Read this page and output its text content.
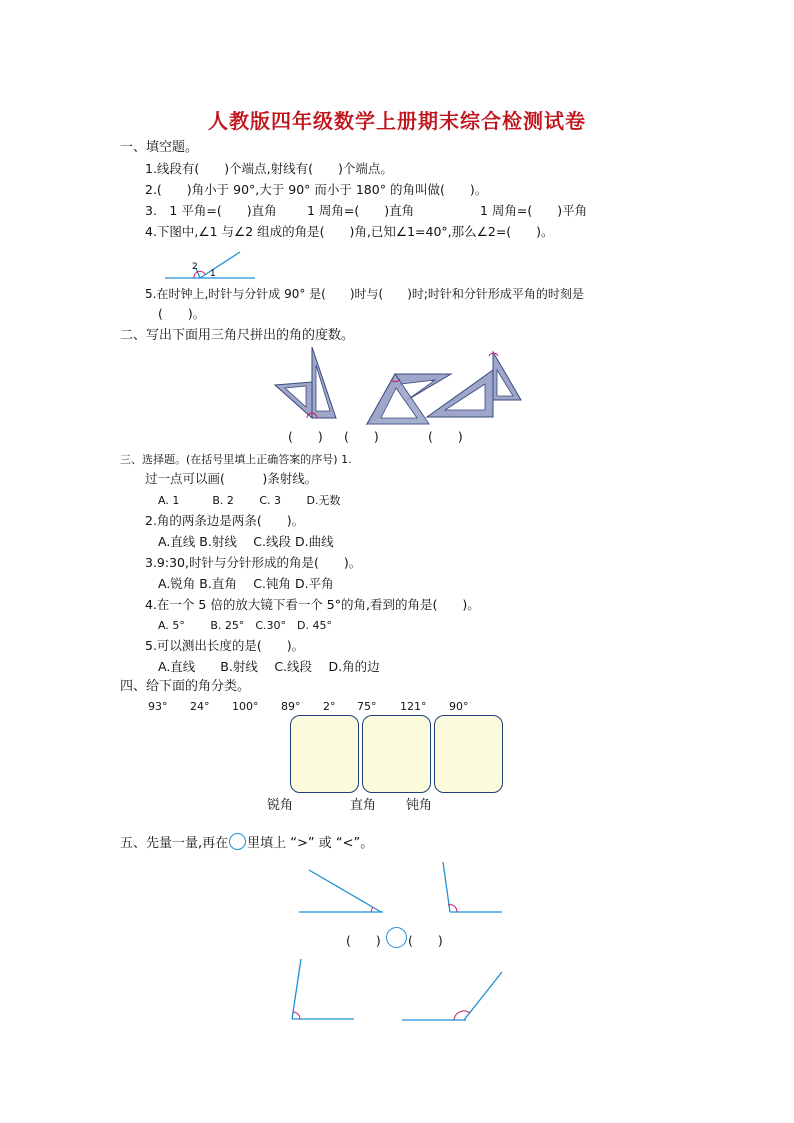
人教版四年级数学上册期末综合检测试卷
一、填空题。
1.线段有(　　)个端点,射线有(　　)个端点。
2.(　　)角小于 90°,大于 90° 而小于 180° 的角叫做(　　)。
3.　1 平角=(　　)直角 1 周角=(　　)直角	1 周角=(　　)平角
4.下图中,∠1 与∠2 组成的角是(　　)角,已知∠1=40°,那么∠2=(　　)。
1
2
5.在时钟上,时针与分针成 90° 是(　　)时与(　　)时;时针和分针形成平角的时刻是
(　　)。
二、写出下面用三角尺拼出的角的度数。
(　　) (　　)	(　　)
三、选择题。(在括号里填上正确答案的序号) 1.
过一点可以画(　　　)条射线。
A. 1　　　B. 2　　 C. 3　　 D.无数
2.角的两条边是两条(　　)。
A.直线 B.射线　 C.线段 D.曲线
3.9:30,时针与分针形成的角是(　　)。
A.锐角 B.直角　 C.钝角 D.平角
4.在一个 5 倍的放大镜下看一个 5°的角,看到的角是(　　)。
A. 5°　　 B. 25°　C.30°　D. 45°
5.可以测出长度的是(　　)。
A.直线　　B.射线　 C.线段　 D.角的边
四、给下面的角分类。
93° 24° 100° 89° 2° 75° 121° 90°
锐角	直角 钝角
五、先量一量,再在 里填上 “>” 或 “<”。
(　　) (　　)
